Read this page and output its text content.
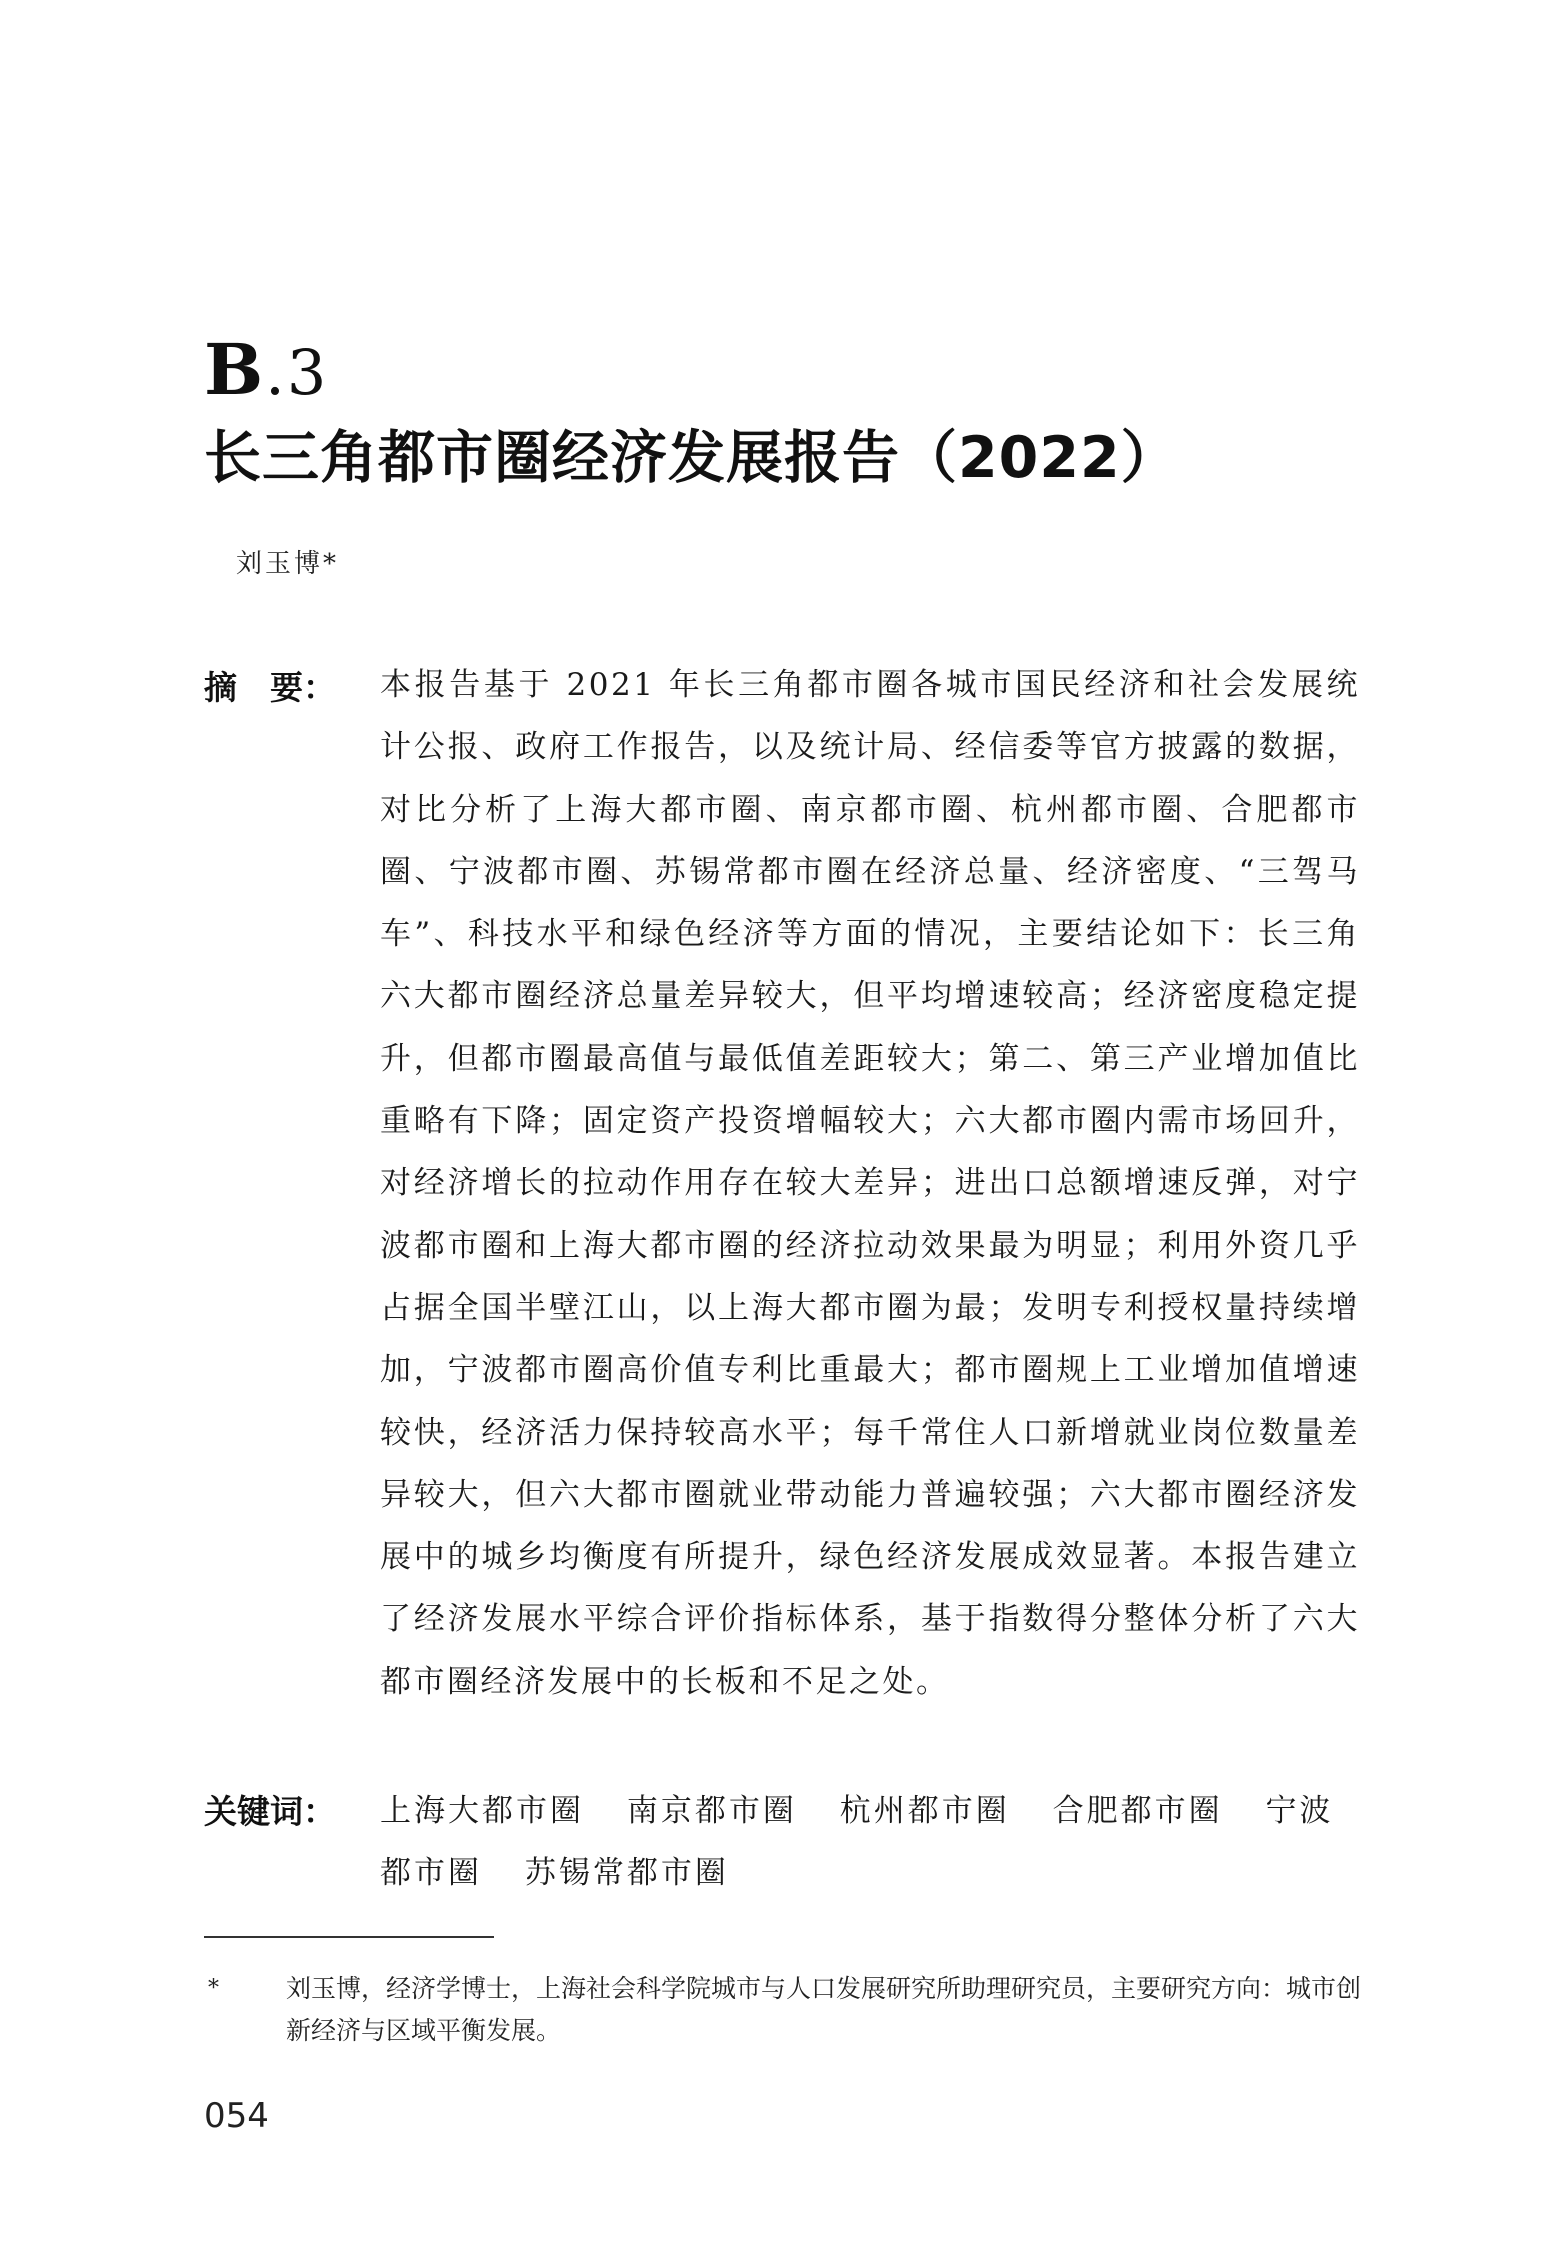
B.3
长三角都市圈经济发展报告（2022）
刘玉博*
摘　要： 本报告基于 2021 年长三角都市圈各城市国民经济和社会发展统计公报、政府工作报告，以及统计局、经信委等官方披露的数据，对比分析了上海大都市圈、南京都市圈、杭州都市圈、合肥都市圈、宁波都市圈、苏锡常都市圈在经济总量、经济密度、“三驾马车”、科技水平和绿色经济等方面的情况，主要结论如下：长三角六大都市圈经济总量差异较大，但平均增速较高；经济密度稳定提升，但都市圈最高值与最低值差距较大；第二、第三产业增加值比重略有下降；固定资产投资增幅较大；六大都市圈内需市场回升，对经济增长的拉动作用存在较大差异；进出口总额增速反弹，对宁波都市圈和上海大都市圈的经济拉动效果最为明显；利用外资几乎占据全国半壁江山，以上海大都市圈为最；发明专利授权量持续增加，宁波都市圈高价值专利比重最大；都市圈规上工业增加值增速较快，经济活力保持较高水平；每千常住人口新增就业岗位数量差异较大，但六大都市圈就业带动能力普遍较强；六大都市圈经济发展中的城乡均衡度有所提升，绿色经济发展成效显著。本报告建立了经济发展水平综合评价指标体系，基于指数得分整体分析了六大都市圈经济发展中的长板和不足之处。
关键词： 上海大都市圈 南京都市圈 杭州都市圈 合肥都市圈 宁波都市圈 苏锡常都市圈
*	刘玉博，经济学博士，上海社会科学院城市与人口发展研究所助理研究员，主要研究方向：城市创新经济与区域平衡发展。
054
